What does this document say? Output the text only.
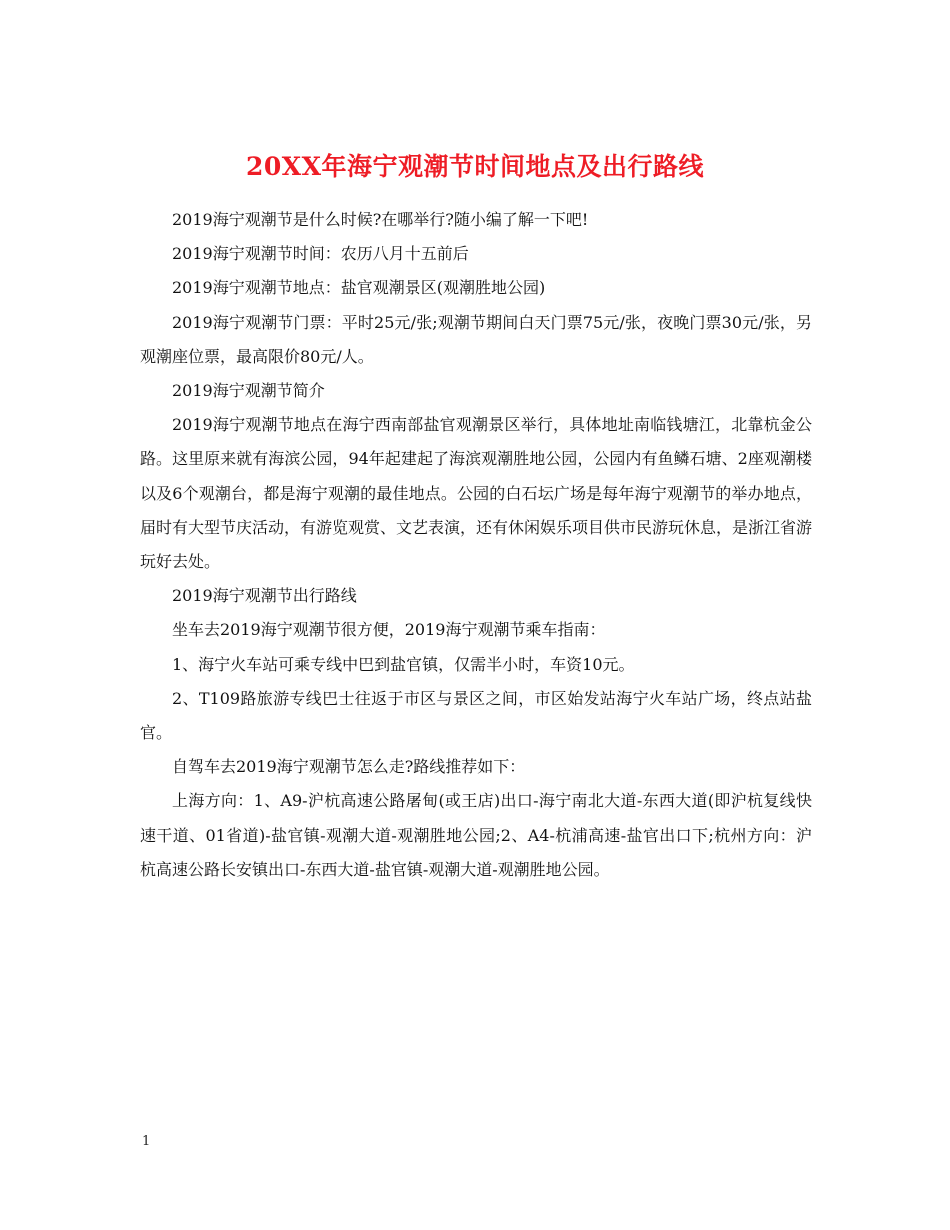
20XX年海宁观潮节时间地点及出行路线

2019海宁观潮节是什么时候?在哪举行?随小编了解一下吧!

2019海宁观潮节时间：农历八月十五前后

2019海宁观潮节地点：盐官观潮景区(观潮胜地公园)

2019海宁观潮节门票：平时25元/张;观潮节期间白天门票75元/张，夜晚门票30元/张，另观潮座位票，最高限价80元/人。

2019海宁观潮节简介

2019海宁观潮节地点在海宁西南部盐官观潮景区举行，具体地址南临钱塘江，北靠杭金公路。这里原来就有海滨公园，94年起建起了海滨观潮胜地公园，公园内有鱼鳞石塘、2座观潮楼以及6个观潮台，都是海宁观潮的最佳地点。公园的白石坛广场是每年海宁观潮节的举办地点，届时有大型节庆活动，有游览观赏、文艺表演，还有休闲娱乐项目供市民游玩休息，是浙江省游玩好去处。

2019海宁观潮节出行路线

坐车去2019海宁观潮节很方便，2019海宁观潮节乘车指南：

1、海宁火车站可乘专线中巴到盐官镇，仅需半小时，车资10元。

2、T109路旅游专线巴士往返于市区与景区之间，市区始发站海宁火车站广场，终点站盐官。

自驾车去2019海宁观潮节怎么走?路线推荐如下：

上海方向：1、A9-沪杭高速公路屠甸(或王店)出口-海宁南北大道-东西大道(即沪杭复线快速干道、01省道)-盐官镇-观潮大道-观潮胜地公园;2、A4-杭浦高速-盐官出口下;杭州方向：沪杭高速公路长安镇出口-东西大道-盐官镇-观潮大道-观潮胜地公园。

1
